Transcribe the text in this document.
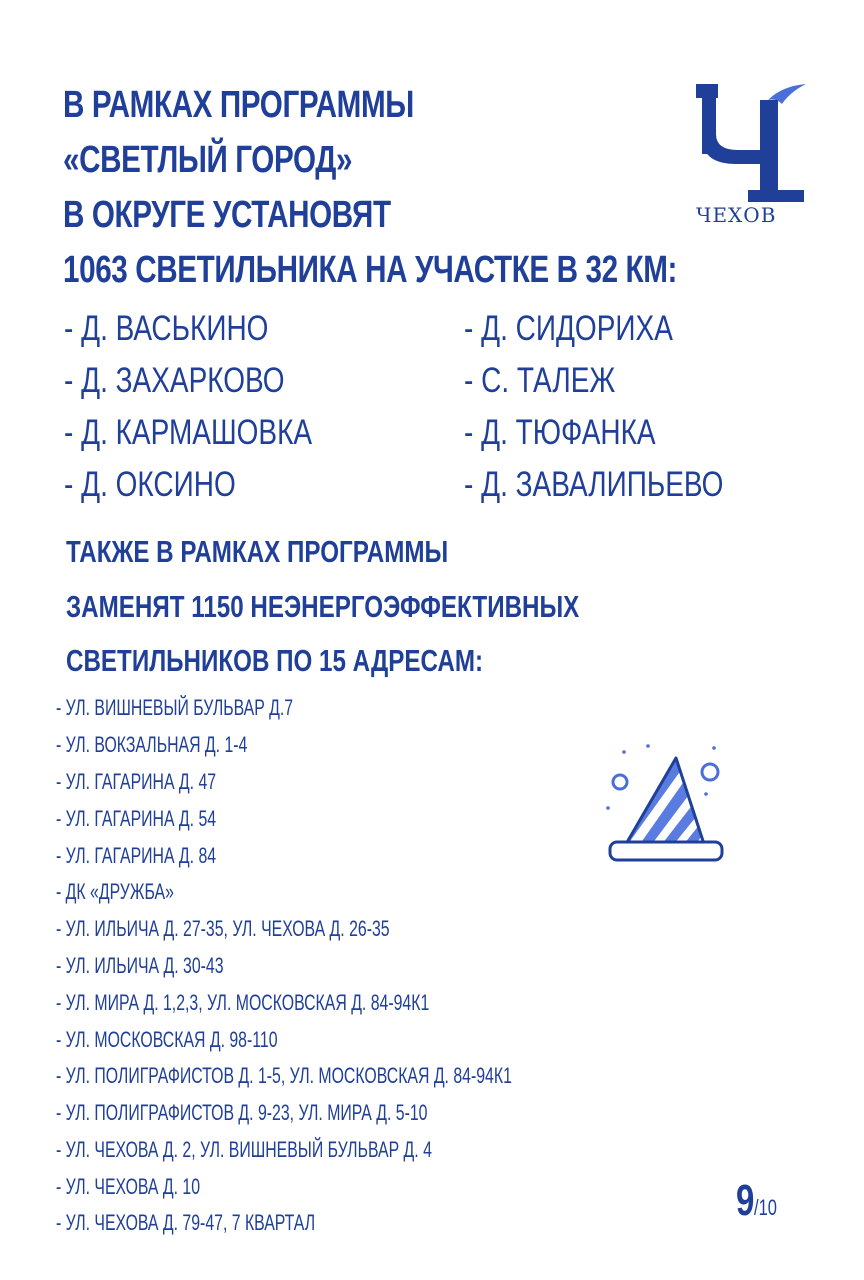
В РАМКАХ ПРОГРАММЫ
«СВЕТЛЫЙ ГОРОД»
В ОКРУГЕ УСТАНОВЯТ
1063 СВЕТИЛЬНИКА НА УЧАСТКЕ В 32 КМ:
ЧЕХОВ
- Д. ВАСЬКИНО
- Д. ЗАХАРКОВО
- Д. КАРМАШОВКА
- Д. ОКСИНО
- Д. СИДОРИХА
- С. ТАЛЕЖ
- Д. ТЮФАНКА
- Д. ЗАВАЛИПЬЕВО
ТАКЖЕ В РАМКАХ ПРОГРАММЫ
ЗАМЕНЯТ 1150 НЕЭНЕРГОЭФФЕКТИВНЫХ
СВЕТИЛЬНИКОВ ПО 15 АДРЕСАМ:
- УЛ. ВИШНЕВЫЙ БУЛЬВАР Д.7
- УЛ. ВОКЗАЛЬНАЯ Д. 1-4
- УЛ. ГАГАРИНА Д. 47
- УЛ. ГАГАРИНА Д. 54
- УЛ. ГАГАРИНА Д. 84
- ДК «ДРУЖБА»
- УЛ. ИЛЬИЧА Д. 27-35, УЛ. ЧЕХОВА Д. 26-35
- УЛ. ИЛЬИЧА Д. 30-43
- УЛ. МИРА Д. 1,2,3, УЛ. МОСКОВСКАЯ Д. 84-94К1
- УЛ. МОСКОВСКАЯ Д. 98-110
- УЛ. ПОЛИГРАФИСТОВ Д. 1-5, УЛ. МОСКОВСКАЯ Д. 84-94К1
- УЛ. ПОЛИГРАФИСТОВ Д. 9-23, УЛ. МИРА Д. 5-10
- УЛ. ЧЕХОВА Д. 2, УЛ. ВИШНЕВЫЙ БУЛЬВАР Д. 4
- УЛ. ЧЕХОВА Д. 10
- УЛ. ЧЕХОВА Д. 79-47, 7 КВАРТАЛ	9/10
